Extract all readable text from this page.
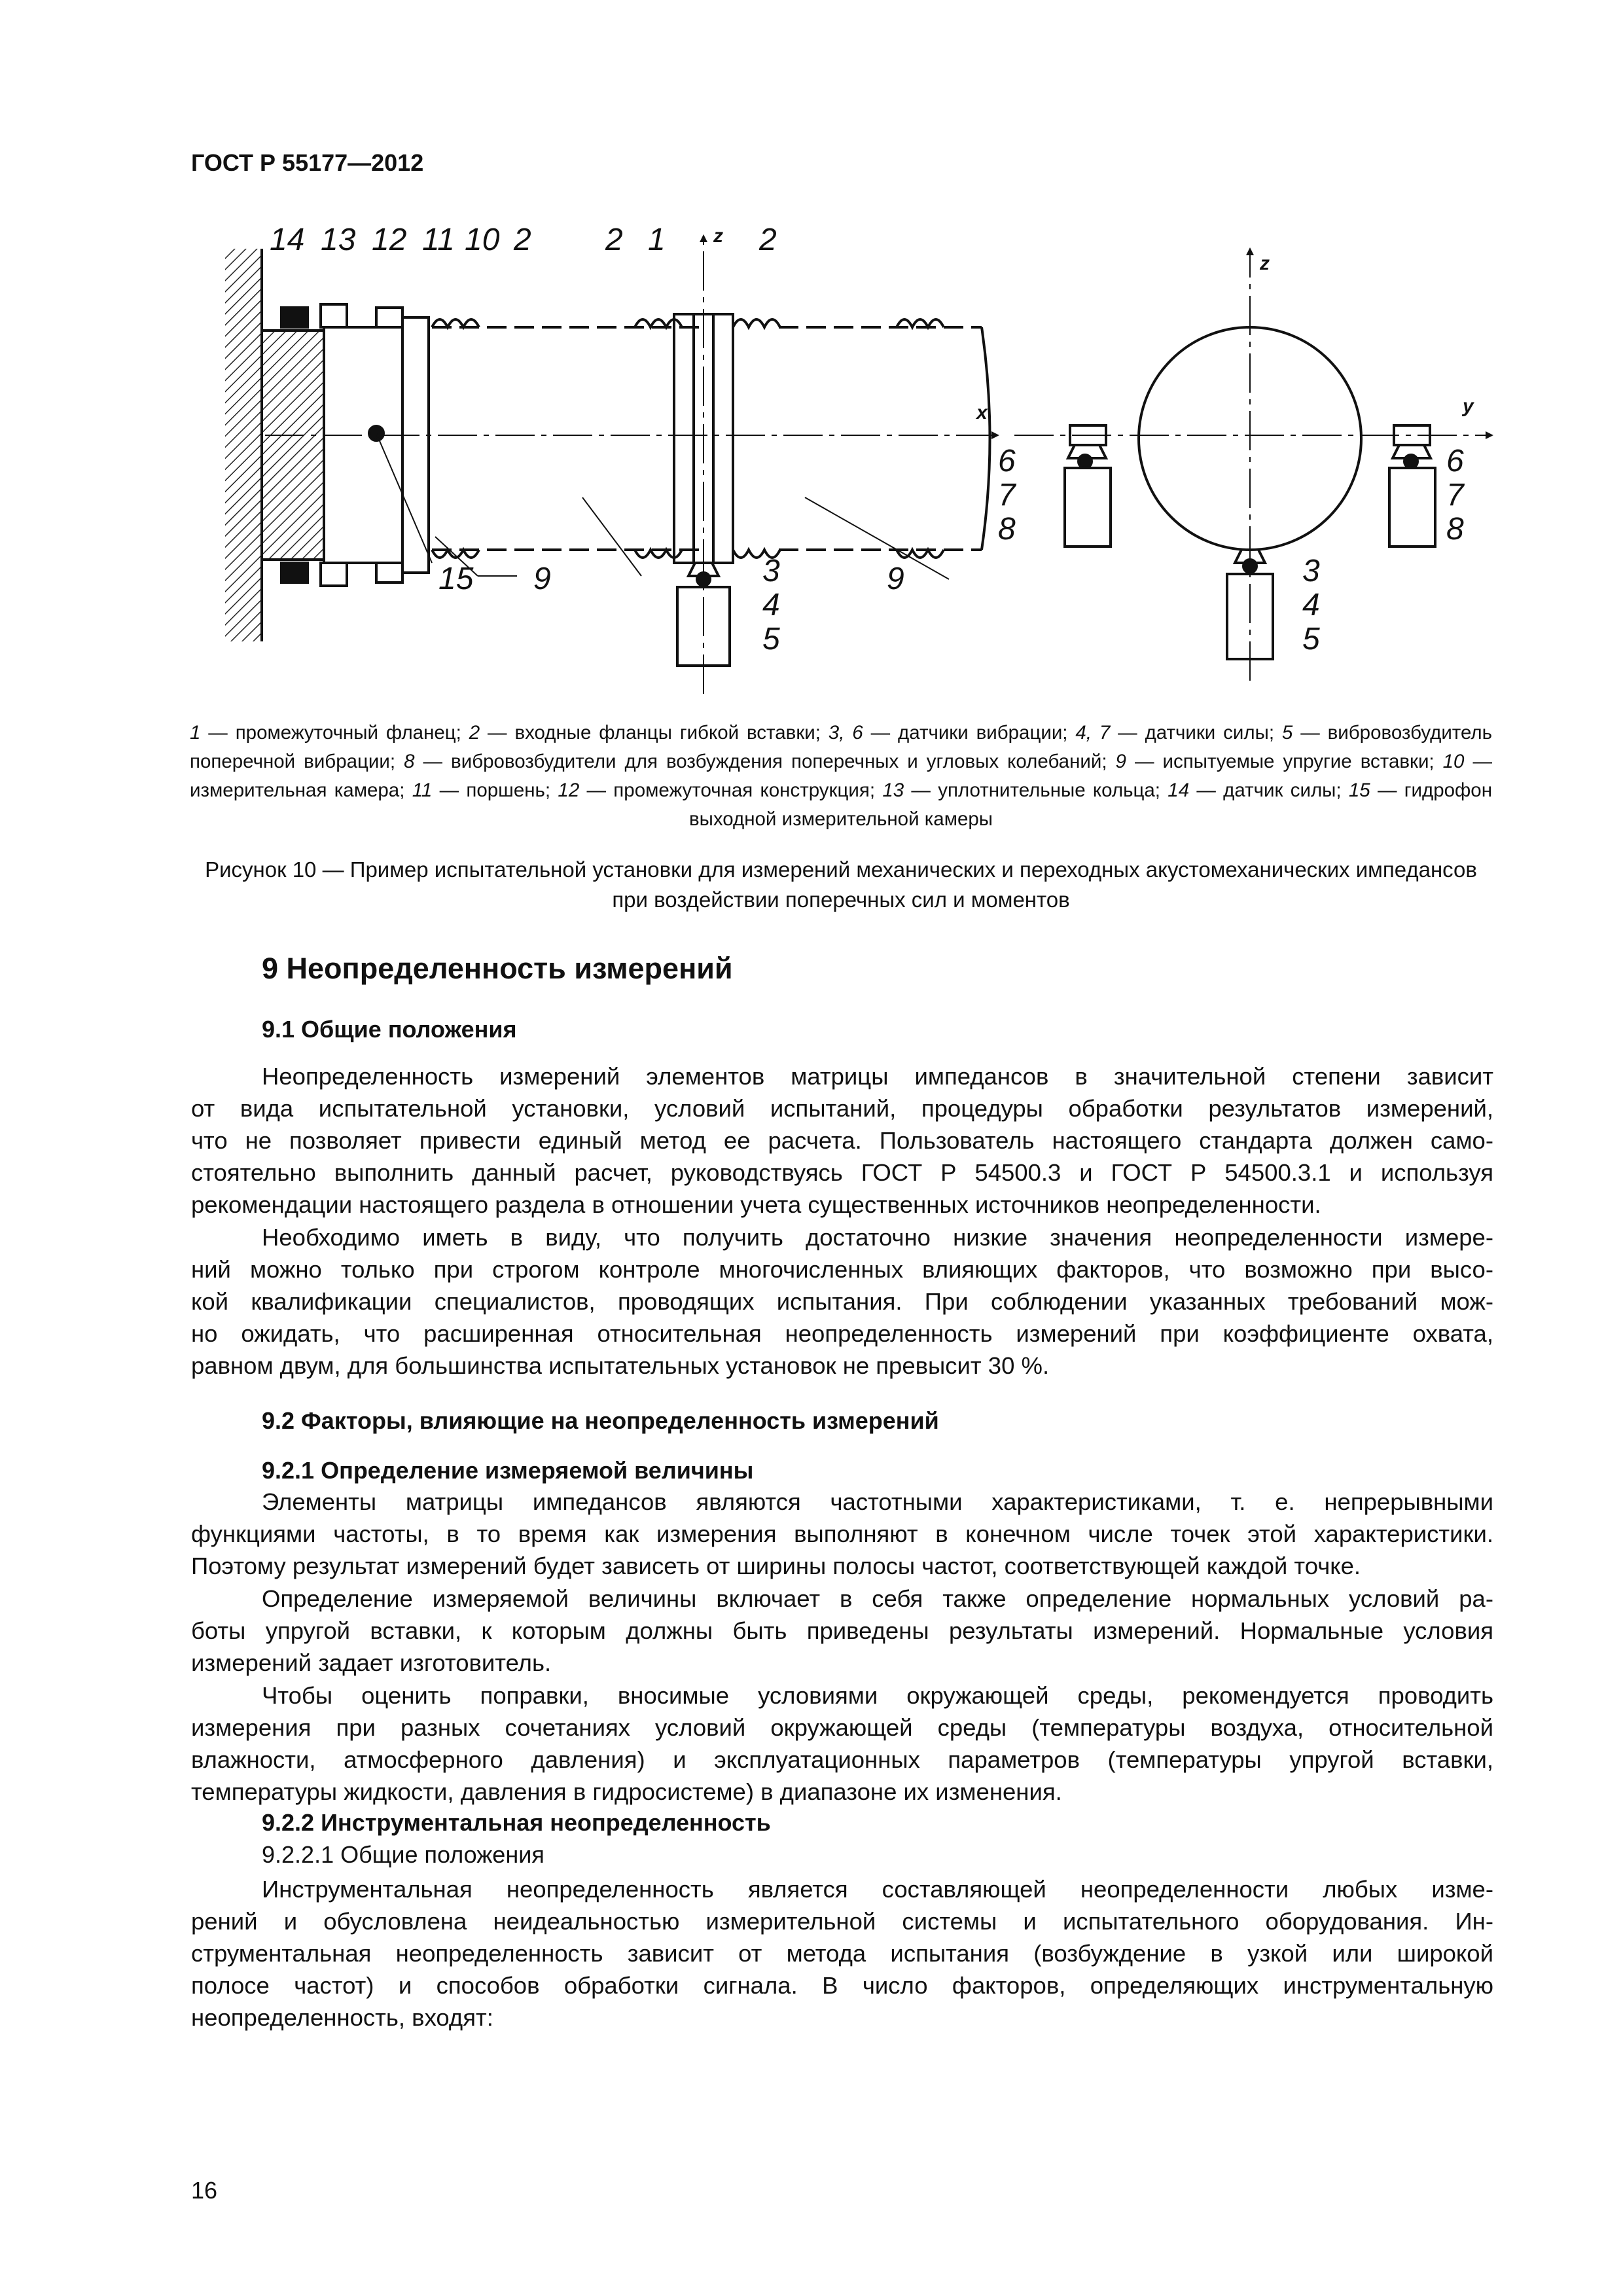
ГОСТ Р 55177—2012
14 13 12 11 10 2 2 1	2
15 9	9
3
4
5
x
z
z
y
6
7
8
6
7
8
3
4
5
1 — промежуточный фланец; 2 — входные фланцы гибкой вставки; 3, 6 — датчики вибрации; 4, 7 — датчики силы; 5 — вибровозбудитель поперечной вибрации; 8 — вибровозбудители для возбуждения поперечных и угловых колебаний; 9 — испытуемые упругие вставки; 10 — измерительная камера; 11 — поршень; 12 — промежуточная конструкция; 13 — уплотнительные кольца; 14 — датчик силы; 15 — гидрофон выходной измерительной камеры
Рисунок 10 — Пример испытательной установки для измерений механических и переходных акустомеханических импедансов при воздействии поперечных сил и моментов
9 Неопределенность измерений
9.1 Общие положения
Неопределенность измерений элементов матрицы импедансов в значительной степени зависит
от вида испытательной установки, условий испытаний, процедуры обработки результатов измерений,
что не позволяет привести единый метод ее расчета. Пользователь настоящего стандарта должен само-
стоятельно выполнить данный расчет, руководствуясь ГОСТ Р 54500.3 и ГОСТ Р 54500.3.1 и используя
рекомендации настоящего раздела в отношении учета существенных источников неопределенности.
Необходимо иметь в виду, что получить достаточно низкие значения неопределенности измере-
ний можно только при строгом контроле многочисленных влияющих факторов, что возможно при высо-
кой квалификации специалистов, проводящих испытания. При соблюдении указанных требований мож-
но ожидать, что расширенная относительная неопределенность измерений при коэффициенте охвата,
равном двум, для большинства испытательных установок не превысит 30 %.
9.2 Факторы, влияющие на неопределенность измерений
9.2.1 Определение измеряемой величины
Элементы матрицы импедансов являются частотными характеристиками, т. е. непрерывными
функциями частоты, в то время как измерения выполняют в конечном числе точек этой характеристики.
Поэтому результат измерений будет зависеть от ширины полосы частот, соответствующей каждой точке.
Определение измеряемой величины включает в себя также определение нормальных условий ра-
боты упругой вставки, к которым должны быть приведены результаты измерений. Нормальные условия
измерений задает изготовитель.
Чтобы оценить поправки, вносимые условиями окружающей среды, рекомендуется проводить
измерения при разных сочетаниях условий окружающей среды (температуры воздуха, относительной
влажности, атмосферного давления) и эксплуатационных параметров (температуры упругой вставки,
температуры жидкости, давления в гидросистеме) в диапазоне их изменения.
9.2.2 Инструментальная неопределенность
9.2.2.1 Общие положения
Инструментальная неопределенность является составляющей неопределенности любых изме-
рений и обусловлена неидеальностью измерительной системы и испытательного оборудования. Ин-
струментальная неопределенность зависит от метода испытания (возбуждение в узкой или широкой
полосе частот) и способов обработки сигнала. В число факторов, определяющих инструментальную
неопределенность, входят:
16
